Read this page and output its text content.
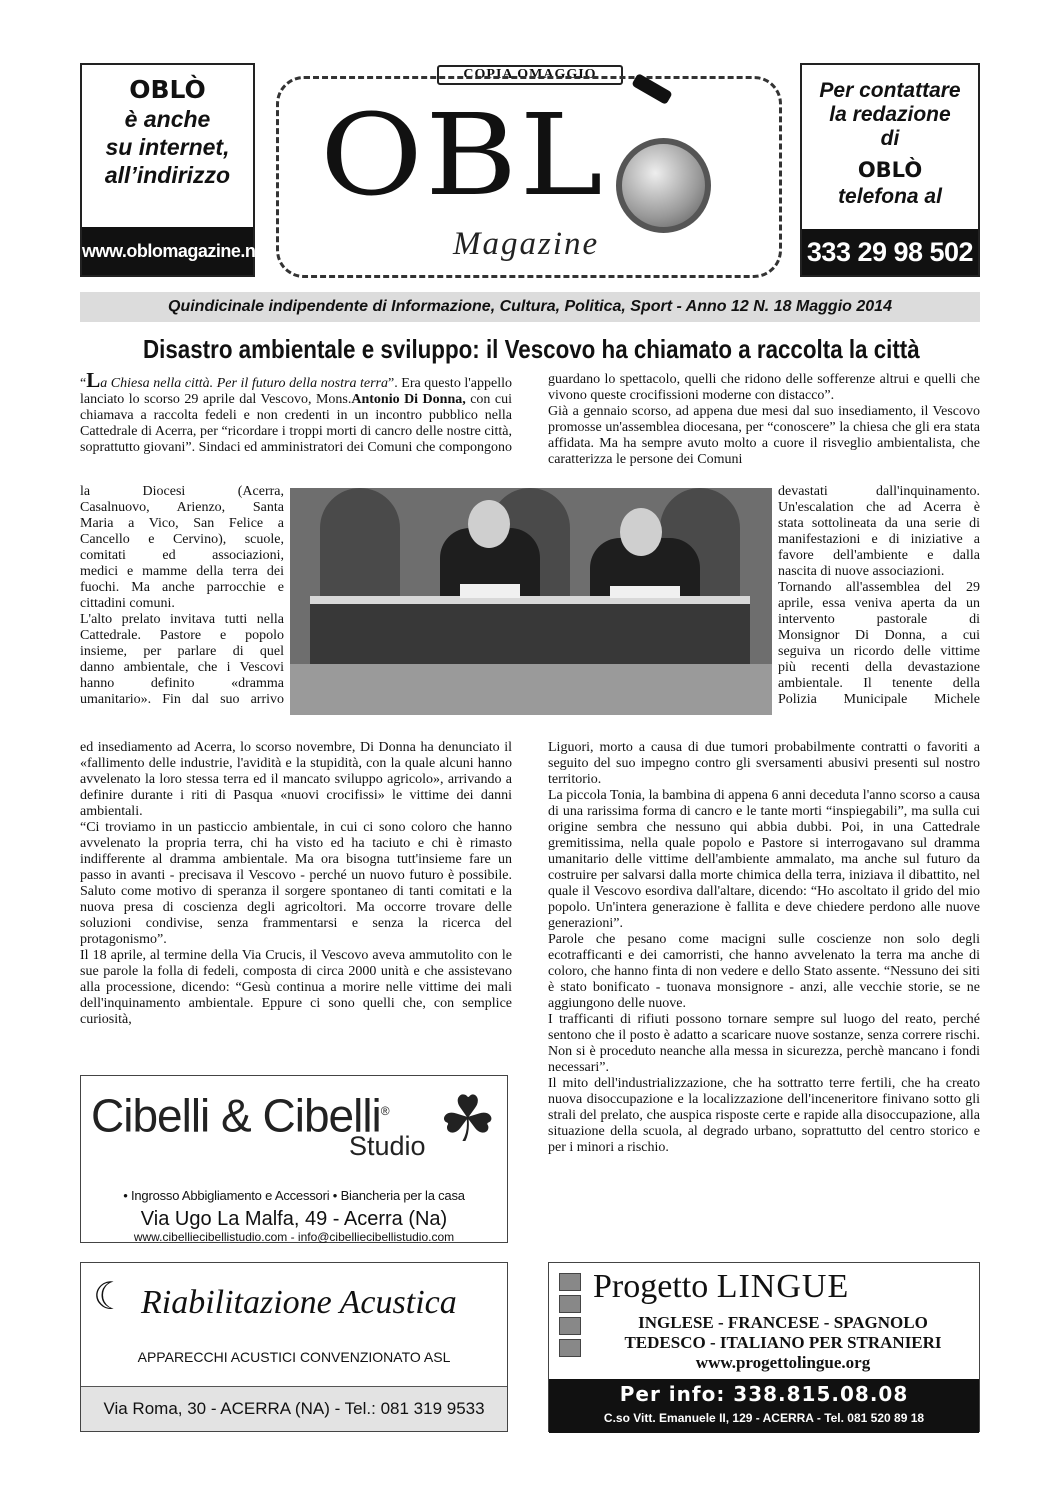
OBLÒ
è anche
su internet,
all’indirizzo
www.oblomagazine.net
COPIA OMAGGIO
OBL
Magazine
Per contattare
la redazione
di
OBLÒ
telefona al
333 29 98 502
Quindicinale indipendente di Informazione, Cultura, Politica, Sport - Anno 12 N. 18 Maggio 2014
Disastro ambientale e sviluppo: il Vescovo ha chiamato a raccolta la città

“La Chiesa nella città. Per il futuro della nostra terra”. Era questo l'appello lanciato lo scorso 29 aprile dal Vescovo, Mons.Antonio Di Donna, con cui chiamava a raccolta fedeli e non credenti in un incontro pubblico nella Cattedrale di Acerra, per “ricordare i troppi morti di cancro delle nostre città, soprattutto giovani”. Sindaci ed amministratori dei Comuni che compongono

la Diocesi (Acerra,
Casalnuovo, Arienzo, Santa
Maria a Vico, San Felice a
Cancello e Cervino), scuole,
comitati ed associazioni,
medici e mamme della terra dei
fuochi. Ma anche parrocchie e
cittadini comuni.
L'alto prelato invitava tutti nella
Cattedrale. Pastore e popolo
insieme, per parlare di quel
danno ambientale, che i Vescovi
hanno definito «dramma
umanitario». Fin dal suo arrivo

ed insediamento ad Acerra, lo scorso novembre, Di Donna ha denunciato il «fallimento delle industrie, l'avidità e la stupidità, con la quale alcuni hanno avvelenato la loro stessa terra ed il mancato sviluppo agricolo», arrivando a definire durante i riti di Pasqua «nuovi crocifissi» le vittime dei danni ambientali.

“Ci troviamo in un pasticcio ambientale, in cui ci sono coloro che hanno avvelenato la propria terra, chi ha visto ed ha taciuto e chi è rimasto indifferente al dramma ambientale. Ma ora bisogna tutt'insieme fare un passo in avanti - precisava il Vescovo - perché un nuovo futuro è possibile. Saluto come motivo di speranza il sorgere spontaneo di tanti comitati e la nuova presa di coscienza degli agricoltori. Ma occorre trovare delle soluzioni condivise, senza frammentarsi e senza la ricerca del protagonismo”.

Il 18 aprile, al termine della Via Crucis, il Vescovo aveva ammutolito con le sue parole la folla di fedeli, composta di circa 2000 unità e che assistevano alla processione, dicendo: “Gesù continua a morire nelle vittime dei mali dell'inquinamento ambientale. Eppure ci sono quelli che, con semplice curiosità,

guardano lo spettacolo, quelli che ridono delle sofferenze altrui e quelli che vivono queste crocifissioni moderne con distacco”.

Già a gennaio scorso, ad appena due mesi dal suo insediamento, il Vescovo promosse un'assemblea diocesana, per “conoscere” la chiesa che gli era stata affidata. Ma ha sempre avuto molto a cuore il risveglio ambientalista, che caratterizza le persone dei Comuni

devastati dall'inquinamento.
Un'escalation che ad Acerra è
stata sottolineata da una serie di
manifestazioni e di iniziative a
favore dell'ambiente e dalla
nascita di nuove associazioni.
Tornando all'assemblea del 29
aprile, essa veniva aperta da un
intervento pastorale di
Monsignor Di Donna, a cui
seguiva un ricordo delle vittime
più recenti della devastazione
ambientale. Il tenente della
Polizia Municipale Michele

Liguori, morto a causa di due tumori probabilmente contratti o favoriti a seguito del suo impegno contro gli sversamenti abusivi presenti sul nostro territorio.

La piccola Tonia, la bambina di appena 6 anni deceduta l'anno scorso a causa di una rarissima forma di cancro e le tante morti “inspiegabili”, ma sulla cui origine sembra che nessuno qui abbia dubbi. Poi, in una Cattedrale gremitissima, nella quale popolo e Pastore si interrogavano sul dramma umanitario delle vittime dell'ambiente ammalato, ma anche sul futuro da costruire per salvarsi dalla morte chimica della terra, iniziava il dibattito, nel quale il Vescovo esordiva dall'altare, dicendo: “Ho ascoltato il grido del mio popolo. Un'intera generazione è fallita e deve chiedere perdono alle nuove generazioni”.

Parole che pesano come macigni sulle coscienze non solo degli ecotrafficanti e dei camorristi, che hanno avvelenato la terra ma anche di coloro, che hanno finta di non vedere e dello Stato assente. “Nessuno dei siti è stato bonificato - tuonava monsignore - anzi, alle vecchie storie, se ne aggiungono delle nuove.

I trafficanti di rifiuti possono tornare sempre sul luogo del reato, perché sentono che il posto è adatto a scaricare nuove sostanze, senza correre rischi. Non si è proceduto neanche alla messa in sicurezza, perchè mancano i fondi necessari”.

Il mito dell'industrializzazione, che ha sottratto terre fertili, che ha creato nuova disoccupazione e la localizzazione dell'inceneritore finivano sotto gli strali del prelato, che auspica risposte certe e rapide alla disoccupazione, alla situazione della scuola, al degrado urbano, soprattutto del centro storico e per i minori a rischio.

Cibelli & Cibelli®
Studio ☘
• Ingrosso Abbigliamento e Accessori • Biancheria per la casa
Via Ugo La Malfa, 49 - Acerra (Na)
www.cibelliecibellistudio.com - info@cibelliecibellistudio.com
☾ Riabilitazione Acustica
APPARECCHI ACUSTICI CONVENZIONATO ASL
Via Roma, 30 - ACERRA (NA) - Tel.: 081 319 9533
Progetto LINGUE
INGLESE - FRANCESE - SPAGNOLO
TEDESCO - ITALIANO PER STRANIERI
www.progettolingue.org
Per info: 338.815.08.08
C.so Vitt. Emanuele II, 129 - ACERRA - Tel. 081 520 89 18
